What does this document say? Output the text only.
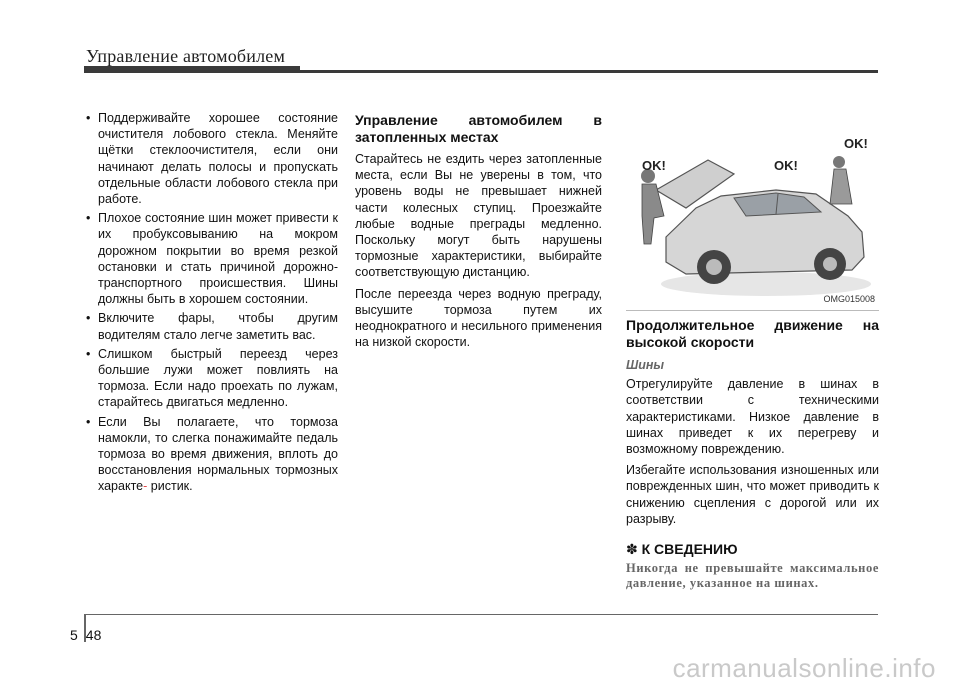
Управление автомобилем
• Поддерживайте хорошее состояние очистителя лобового стекла. Меняйте щётки стеклоочистителя, если они начинают делать полосы и пропускать отдельные области лобового стекла при работе.
• Плохое состояние шин может привести к их пробуксовыванию на мокром дорожном покрытии во время резкой остановки и стать причиной дорожно-транспортного происшествия. Шины должны быть в хорошем состоянии.
• Включите фары, чтобы другим водителям стало легче заметить вас.
• Слишком быстрый переезд через большие лужи может повлиять на тормоза. Если надо проехать по лужам, старайтесь двигаться медленно.
• Если Вы полагаете, что тормоза намокли, то слегка понажимайте педаль тормоза во время движения, вплоть до восстановления нормальных тормозных характе- ристик.
Управление автомобилем в затопленных местах

Старайтесь не ездить через затопленные места, если Вы не уверены в том, что уровень воды не превышает нижней части колесных ступиц. Проезжайте любые водные преграды медленно. Поскольку могут быть нарушены тормозные характеристики, выбирайте соответствующую дистанцию.

После переезда через водную преграду, высушите тормоза путем их неоднократного и несильного применения на низкой скорости.

OK!	OK!
OK!
OMG015008
Продолжительное движение на высокой скорости
Шины

Отрегулируйте давление в шинах в соответствии с техническими характеристиками. Низкое давление в шинах приведет к их перегреву и возможному повреждению.

Избегайте использования изношенных или поврежденных шин, что может приводить к снижению сцепления с дорогой или их разрыву.

✽ К СВЕДЕНИЮ
Никогда не превышайте максимальное давление, указанное на шинах.
5 48
carmanualsonline.info
